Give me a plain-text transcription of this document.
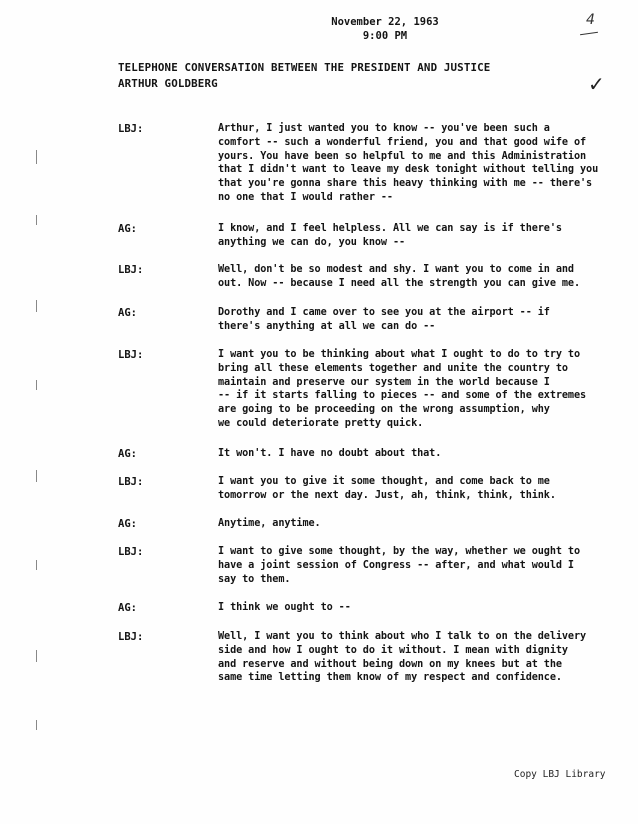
November 22, 1963
9:00 PM
4
TELEPHONE CONVERSATION BETWEEN THE PRESIDENT AND JUSTICE
ARTHUR GOLDBERG	✓
LBJ:	Arthur, I just wanted you to know -- you've been such a
comfort -- such a wonderful friend, you and that good wife of
yours. You have been so helpful to me and this Administration
that I didn't want to leave my desk tonight without telling you
that you're gonna share this heavy thinking with me -- there's
no one that I would rather --
AG:	I know, and I feel helpless. All we can say is if there's
anything we can do, you know --
LBJ:	Well, don't be so modest and shy. I want you to come in and
out. Now -- because I need all the strength you can give me.
AG:	Dorothy and I came over to see you at the airport -- if
there's anything at all we can do --
LBJ:	I want you to be thinking about what I ought to do to try to
bring all these elements together and unite the country to
maintain and preserve our system in the world because I
-- if it starts falling to pieces -- and some of the extremes
are going to be proceeding on the wrong assumption, why
we could deteriorate pretty quick.
AG:	It won't. I have no doubt about that.
LBJ:	I want you to give it some thought, and come back to me
tomorrow or the next day. Just, ah, think, think, think.
AG:	Anytime, anytime.
LBJ:	I want to give some thought, by the way, whether we ought to
have a joint session of Congress -- after, and what would I
say to them.
AG:	I think we ought to --
LBJ:	Well, I want you to think about who I talk to on the delivery
side and how I ought to do it without. I mean with dignity
and reserve and without being down on my knees but at the
same time letting them know of my respect and confidence.
Copy LBJ Library
